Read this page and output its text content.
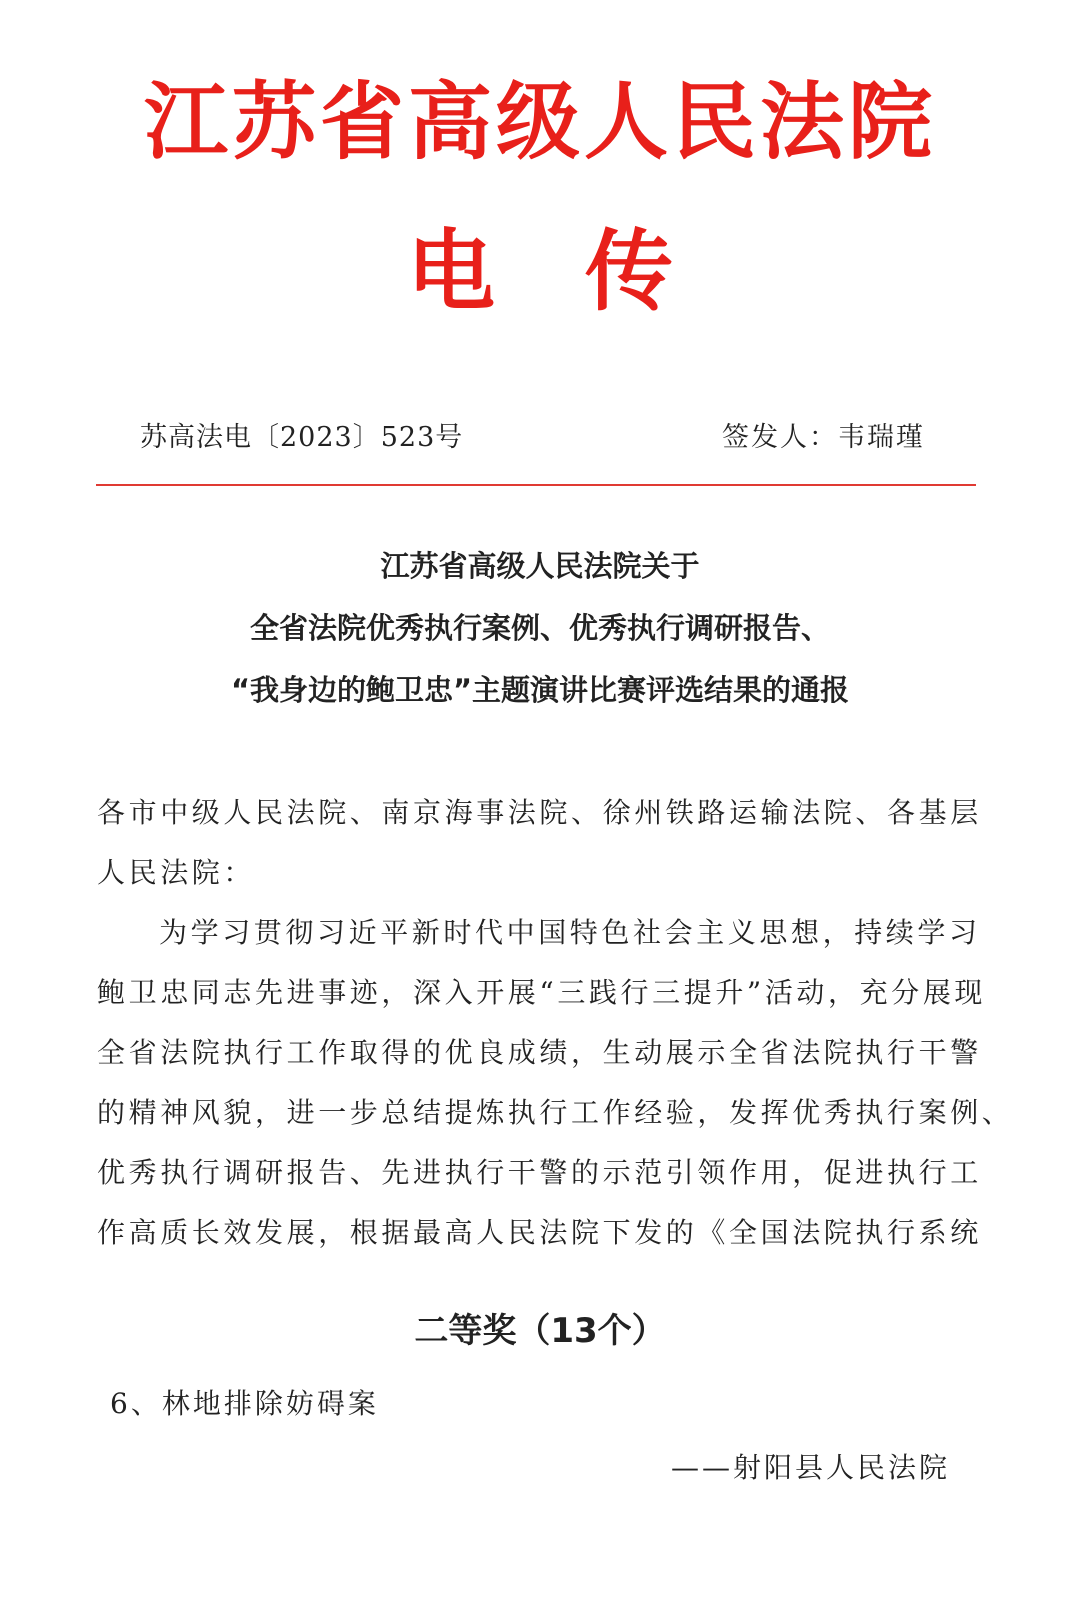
江苏省高级人民法院
电 传
苏高法电〔2023〕523号	签发人：韦瑞瑾
江苏省高级人民法院关于
全省法院优秀执行案例、优秀执行调研报告、
“我身边的鲍卫忠”主题演讲比赛评选结果的通报
各市中级人民法院、南京海事法院、徐州铁路运输法院、各基层
人民法院：
为学习贯彻习近平新时代中国特色社会主义思想，持续学习
鲍卫忠同志先进事迹，深入开展“三践行三提升”活动，充分展现
全省法院执行工作取得的优良成绩，生动展示全省法院执行干警
的精神风貌，进一步总结提炼执行工作经验，发挥优秀执行案例、
优秀执行调研报告、先进执行干警的示范引领作用，促进执行工
作高质长效发展，根据最高人民法院下发的《全国法院执行系统
二等奖（13个）
6、林地排除妨碍案
——射阳县人民法院
